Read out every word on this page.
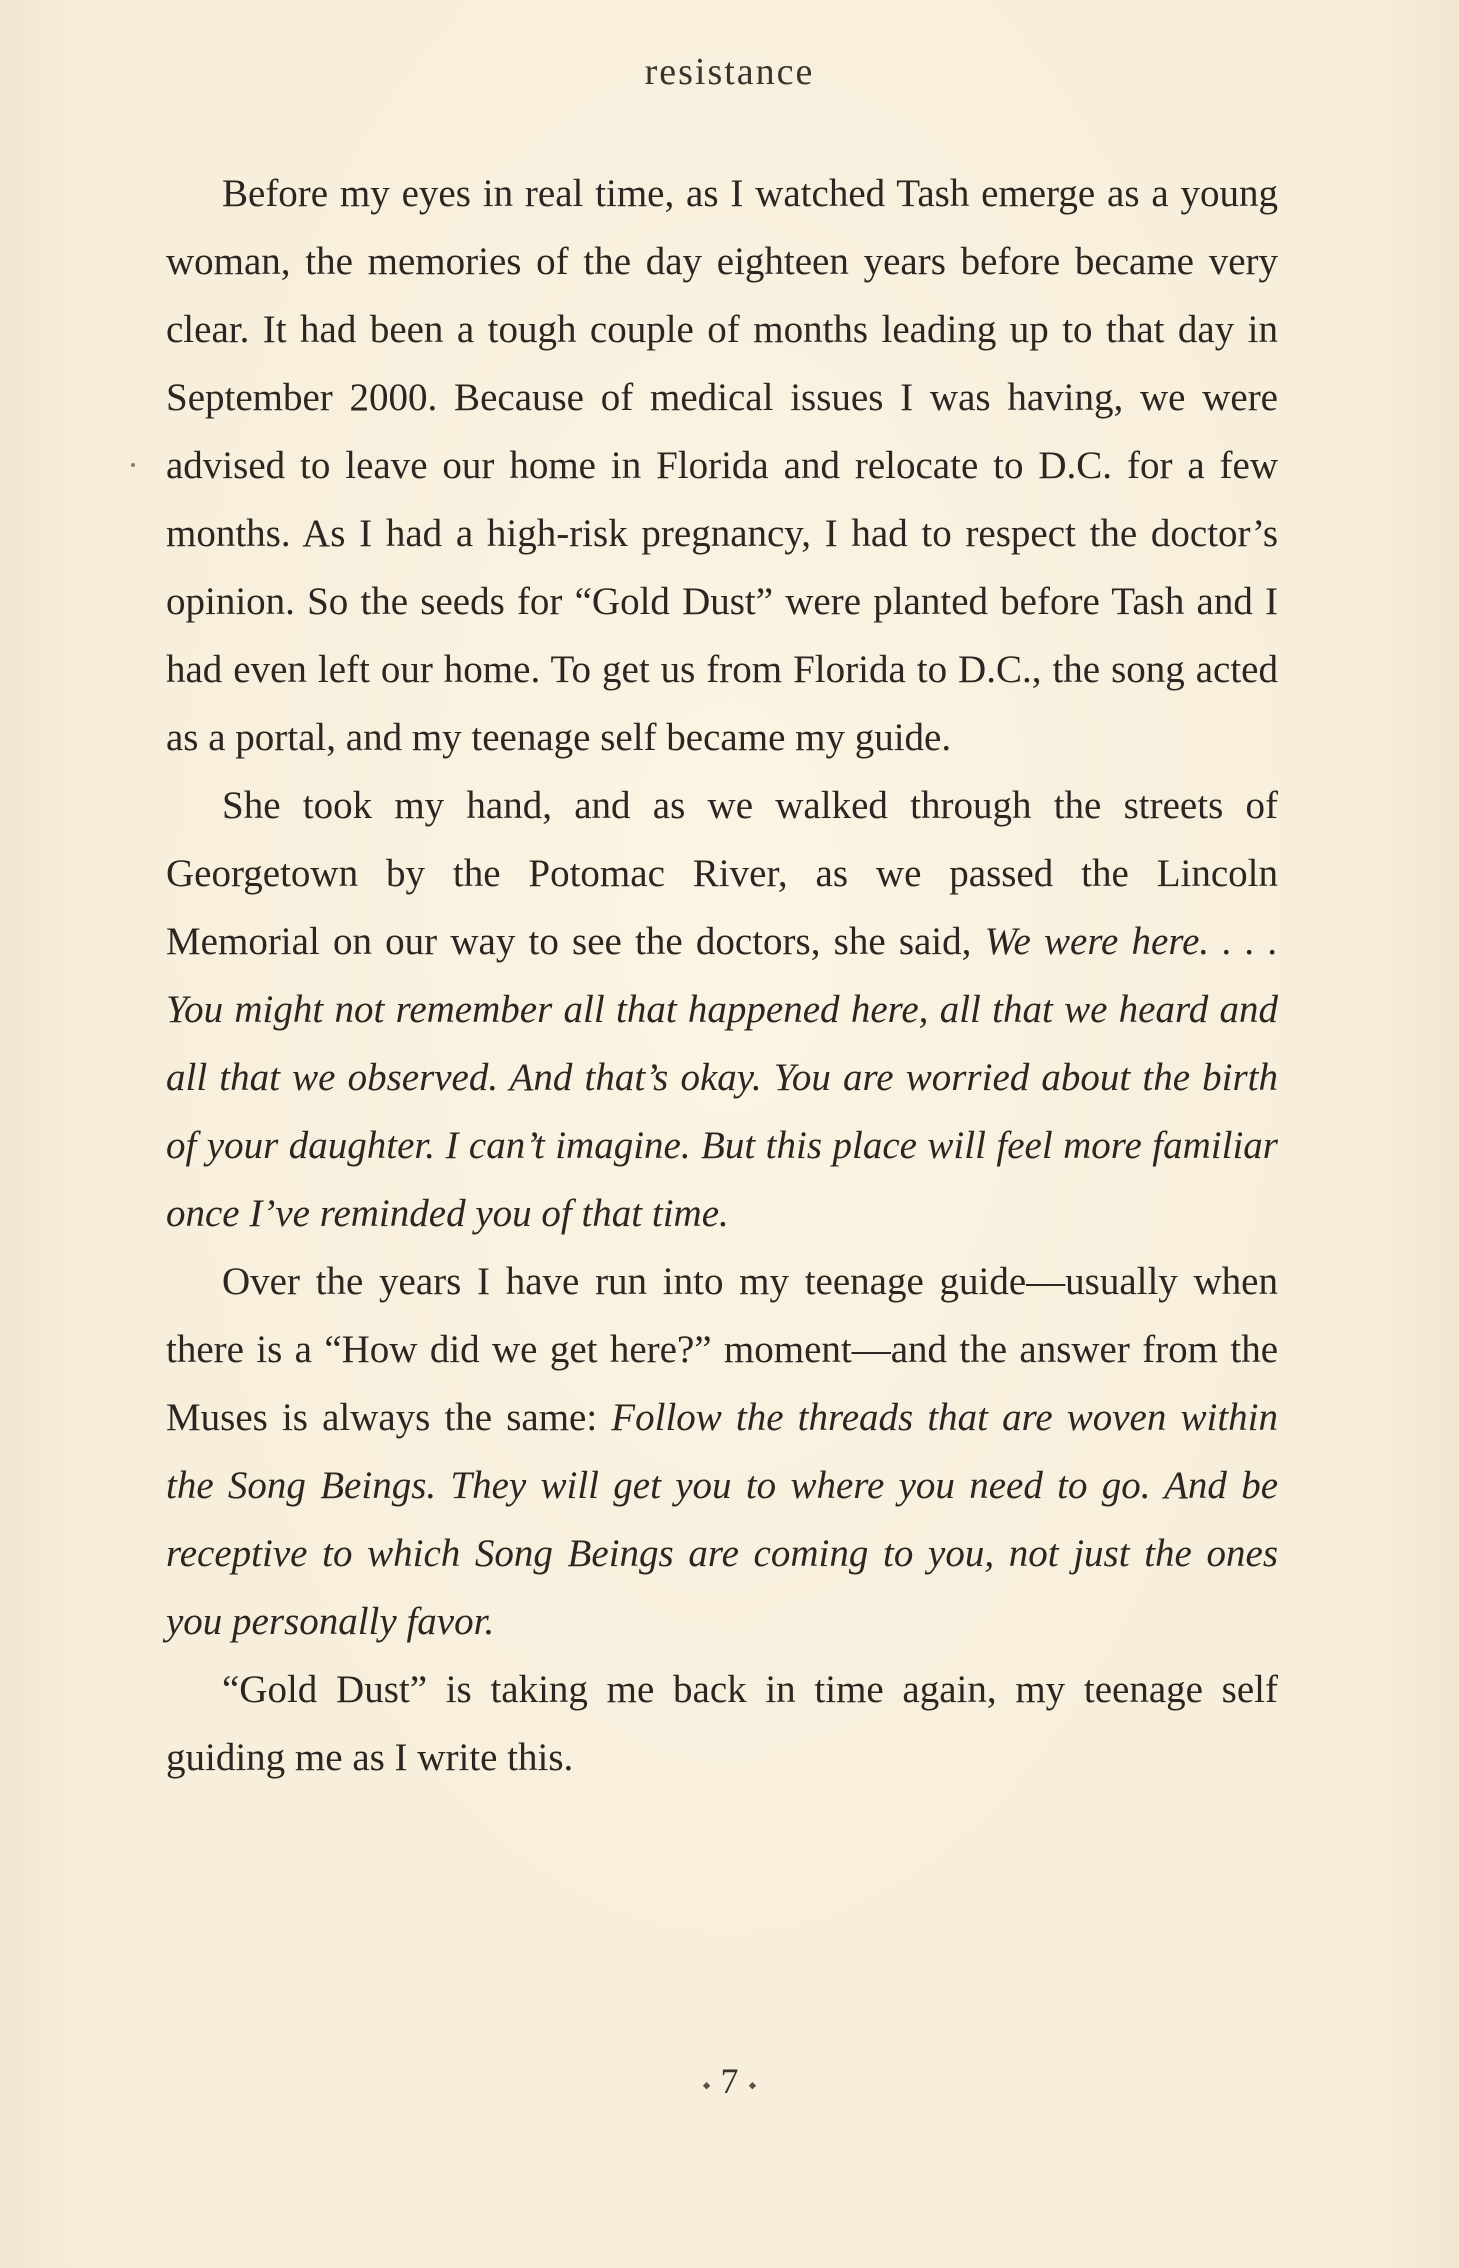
resistance

Before my eyes in real time, as I watched Tash emerge as a young woman, the memories of the day eighteen years before became very clear. It had been a tough couple of months leading up to that day in September 2000. Because of medical issues I was having, we were advised to leave our home in Florida and relocate to D.C. for a few months. As I had a high-risk pregnancy, I had to respect the doctor’s opinion. So the seeds for “Gold Dust” were planted before Tash and I had even left our home. To get us from Florida to D.C., the song acted as a portal, and my teenage self became my guide.

She took my hand, and as we walked through the streets of Georgetown by the Potomac River, as we passed the Lincoln Memorial on our way to see the doctors, she said, We were here. . . . You might not remember all that happened here, all that we heard and all that we observed. And that’s okay. You are worried about the birth of your daughter. I can’t imagine. But this place will feel more familiar once I’ve reminded you of that time.

Over the years I have run into my teenage guide—usually when there is a “How did we get here?” moment—and the answer from the Muses is always the same: Follow the threads that are woven within the Song Beings. They will get you to where you need to go. And be receptive to which Song Beings are coming to you, not just the ones you personally favor.

“Gold Dust” is taking me back in time again, my teenage self guiding me as I write this.

⬩ 7 ⬩
